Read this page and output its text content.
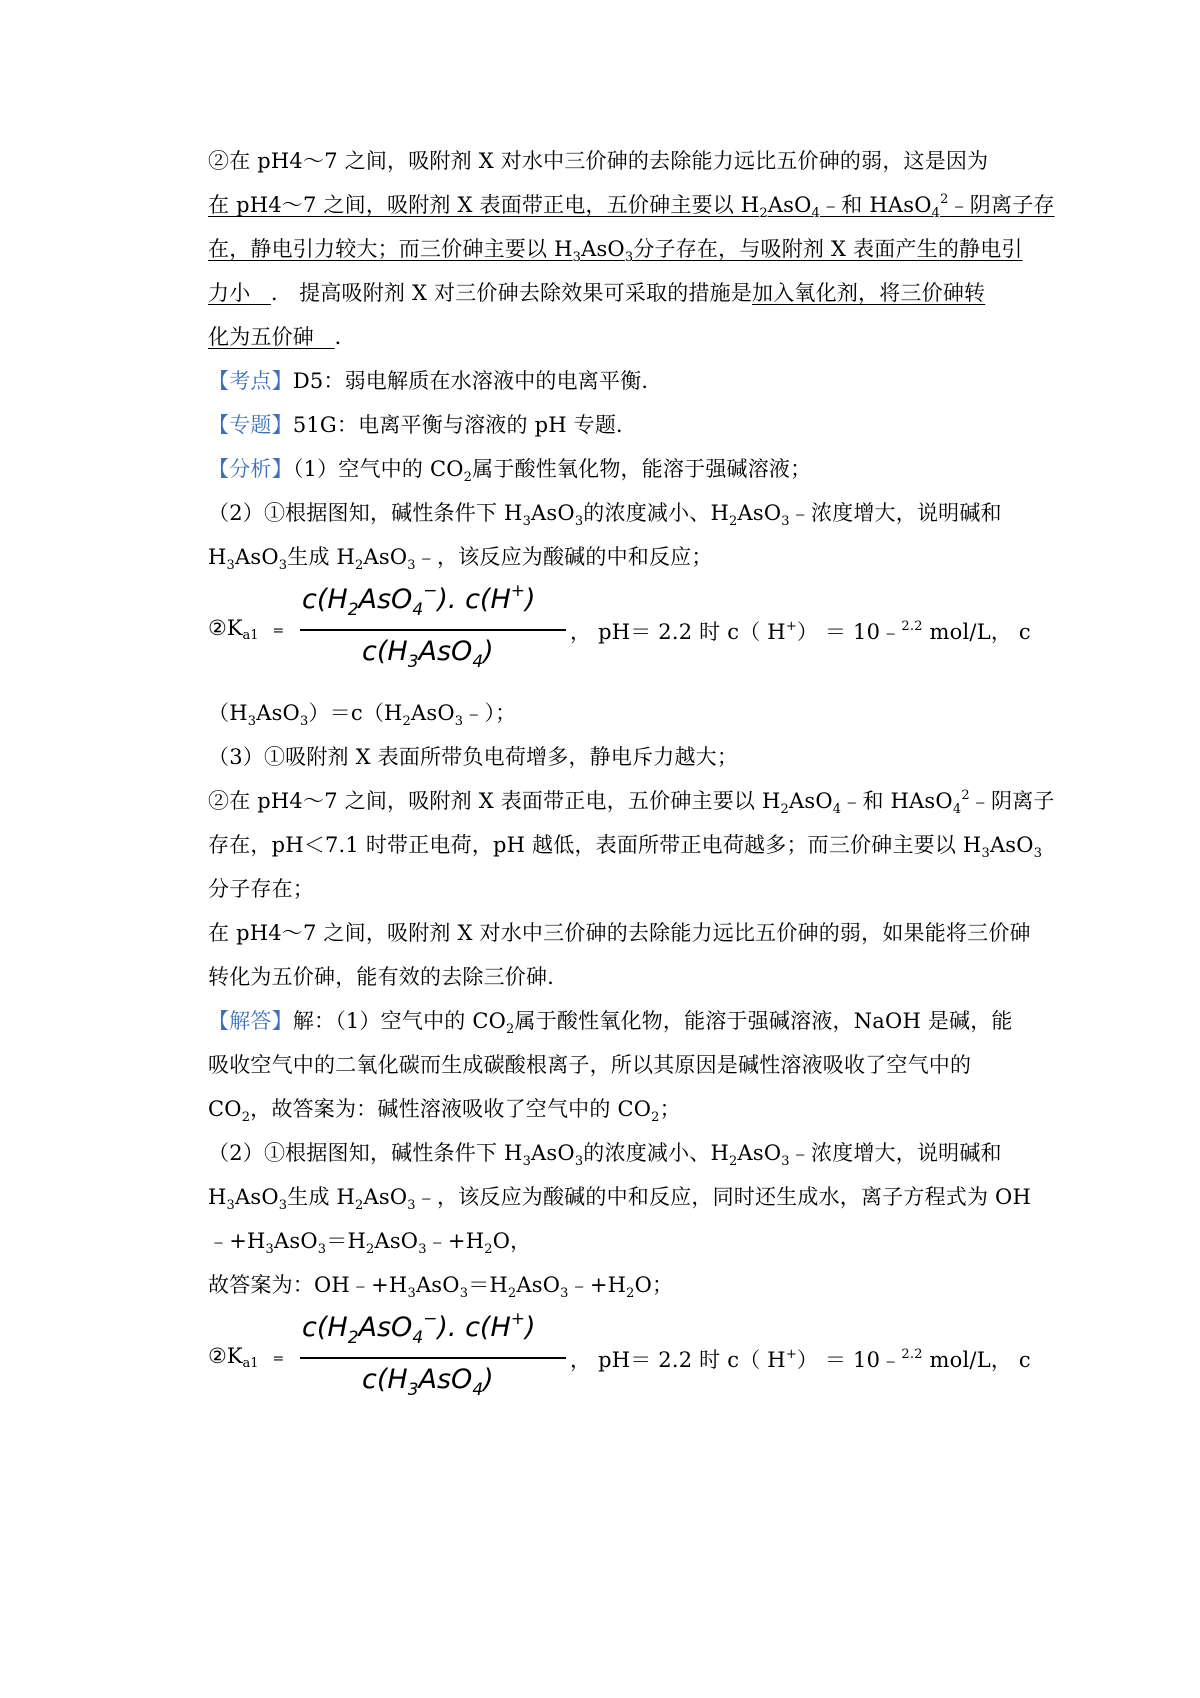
②在 pH4～7 之间，吸附剂 X 对水中三价砷的去除能力远比五价砷的弱，这是因为
在 pH4～7 之间，吸附剂 X 表面带正电，五价砷主要以 $H_2AsO_4﹣$和 HAsO$_4^2$﹣阴离子存
在，静电引力较大；而三价砷主要以 $H_3AsO_3$分子存在，与吸附剂 X 表面产生的静电引
力小 ． 提高吸附剂 X 对三价砷去除效果可采取的措施是加入氧化剂，将三价砷转
化为五价砷 ．
【考点】D5：弱电解质在水溶液中的电离平衡．
【专题】51G：电离平衡与溶液的 pH 专题．
【分析】（1）空气中的 $CO_2$属于酸性氧化物，能溶于强碱溶液；
（2）①根据图知，碱性条件下 $H_3AsO_3$的浓度减小、$H_2AsO_3﹣$浓度增大，说明碱和
$H_3AsO_3$生成 $H_2AsO_3﹣$，该反应为酸碱的中和反应；
②Ka1 =
$c(H_2AsO_4^-)$. c(H+)
$c(H_3AsO_4)$
， pH＝ 2.2 时 c（ H+） ＝ 10﹣$^{2.2}$ mol/L， c
$(H_3AsO_3)=c(H_2AsO_3﹣)$；
（3）①吸附剂 X 表面所带负电荷增多，静电斥力越大；
②在 pH4～7 之间，吸附剂 X 表面带正电，五价砷主要以 $H_2AsO_4﹣$和 HAsO$_4^2$﹣阴离子
存在，pH＜7.1 时带正电荷，pH 越低，表面所带正电荷越多；而三价砷主要以 $H_3AsO_3$
分子存在；
在 pH4～7 之间，吸附剂 X 对水中三价砷的去除能力远比五价砷的弱，如果能将三价砷
转化为五价砷，能有效的去除三价砷．
【解答】解：（1）空气中的 $CO_2$属于酸性氧化物，能溶于强碱溶液，NaOH 是碱，能
吸收空气中的二氧化碳而生成碳酸根离子，所以其原因是碱性溶液吸收了空气中的
$CO_2$，故答案为：碱性溶液吸收了空气中的 $CO_2$；
（2）①根据图知，碱性条件下 $H_3AsO_3$的浓度减小、$H_2AsO_3﹣$浓度增大，说明碱和
$H_3AsO_3$生成 $H_2AsO_3﹣$，该反应为酸碱的中和反应，同时还生成水，离子方程式为 OH
$﹣+H_3AsO_3=H_2AsO_3﹣+H_2O$，
故答案为：$OH﹣+H_3AsO_3=H_2AsO_3﹣+H_2O$；
②Ka1 =
$c(H_2AsO_4^-)$. c(H+)
$c(H_3AsO_4)$
， pH＝ 2.2 时 c（ H+） ＝ 10﹣$^{2.2}$ mol/L， c
